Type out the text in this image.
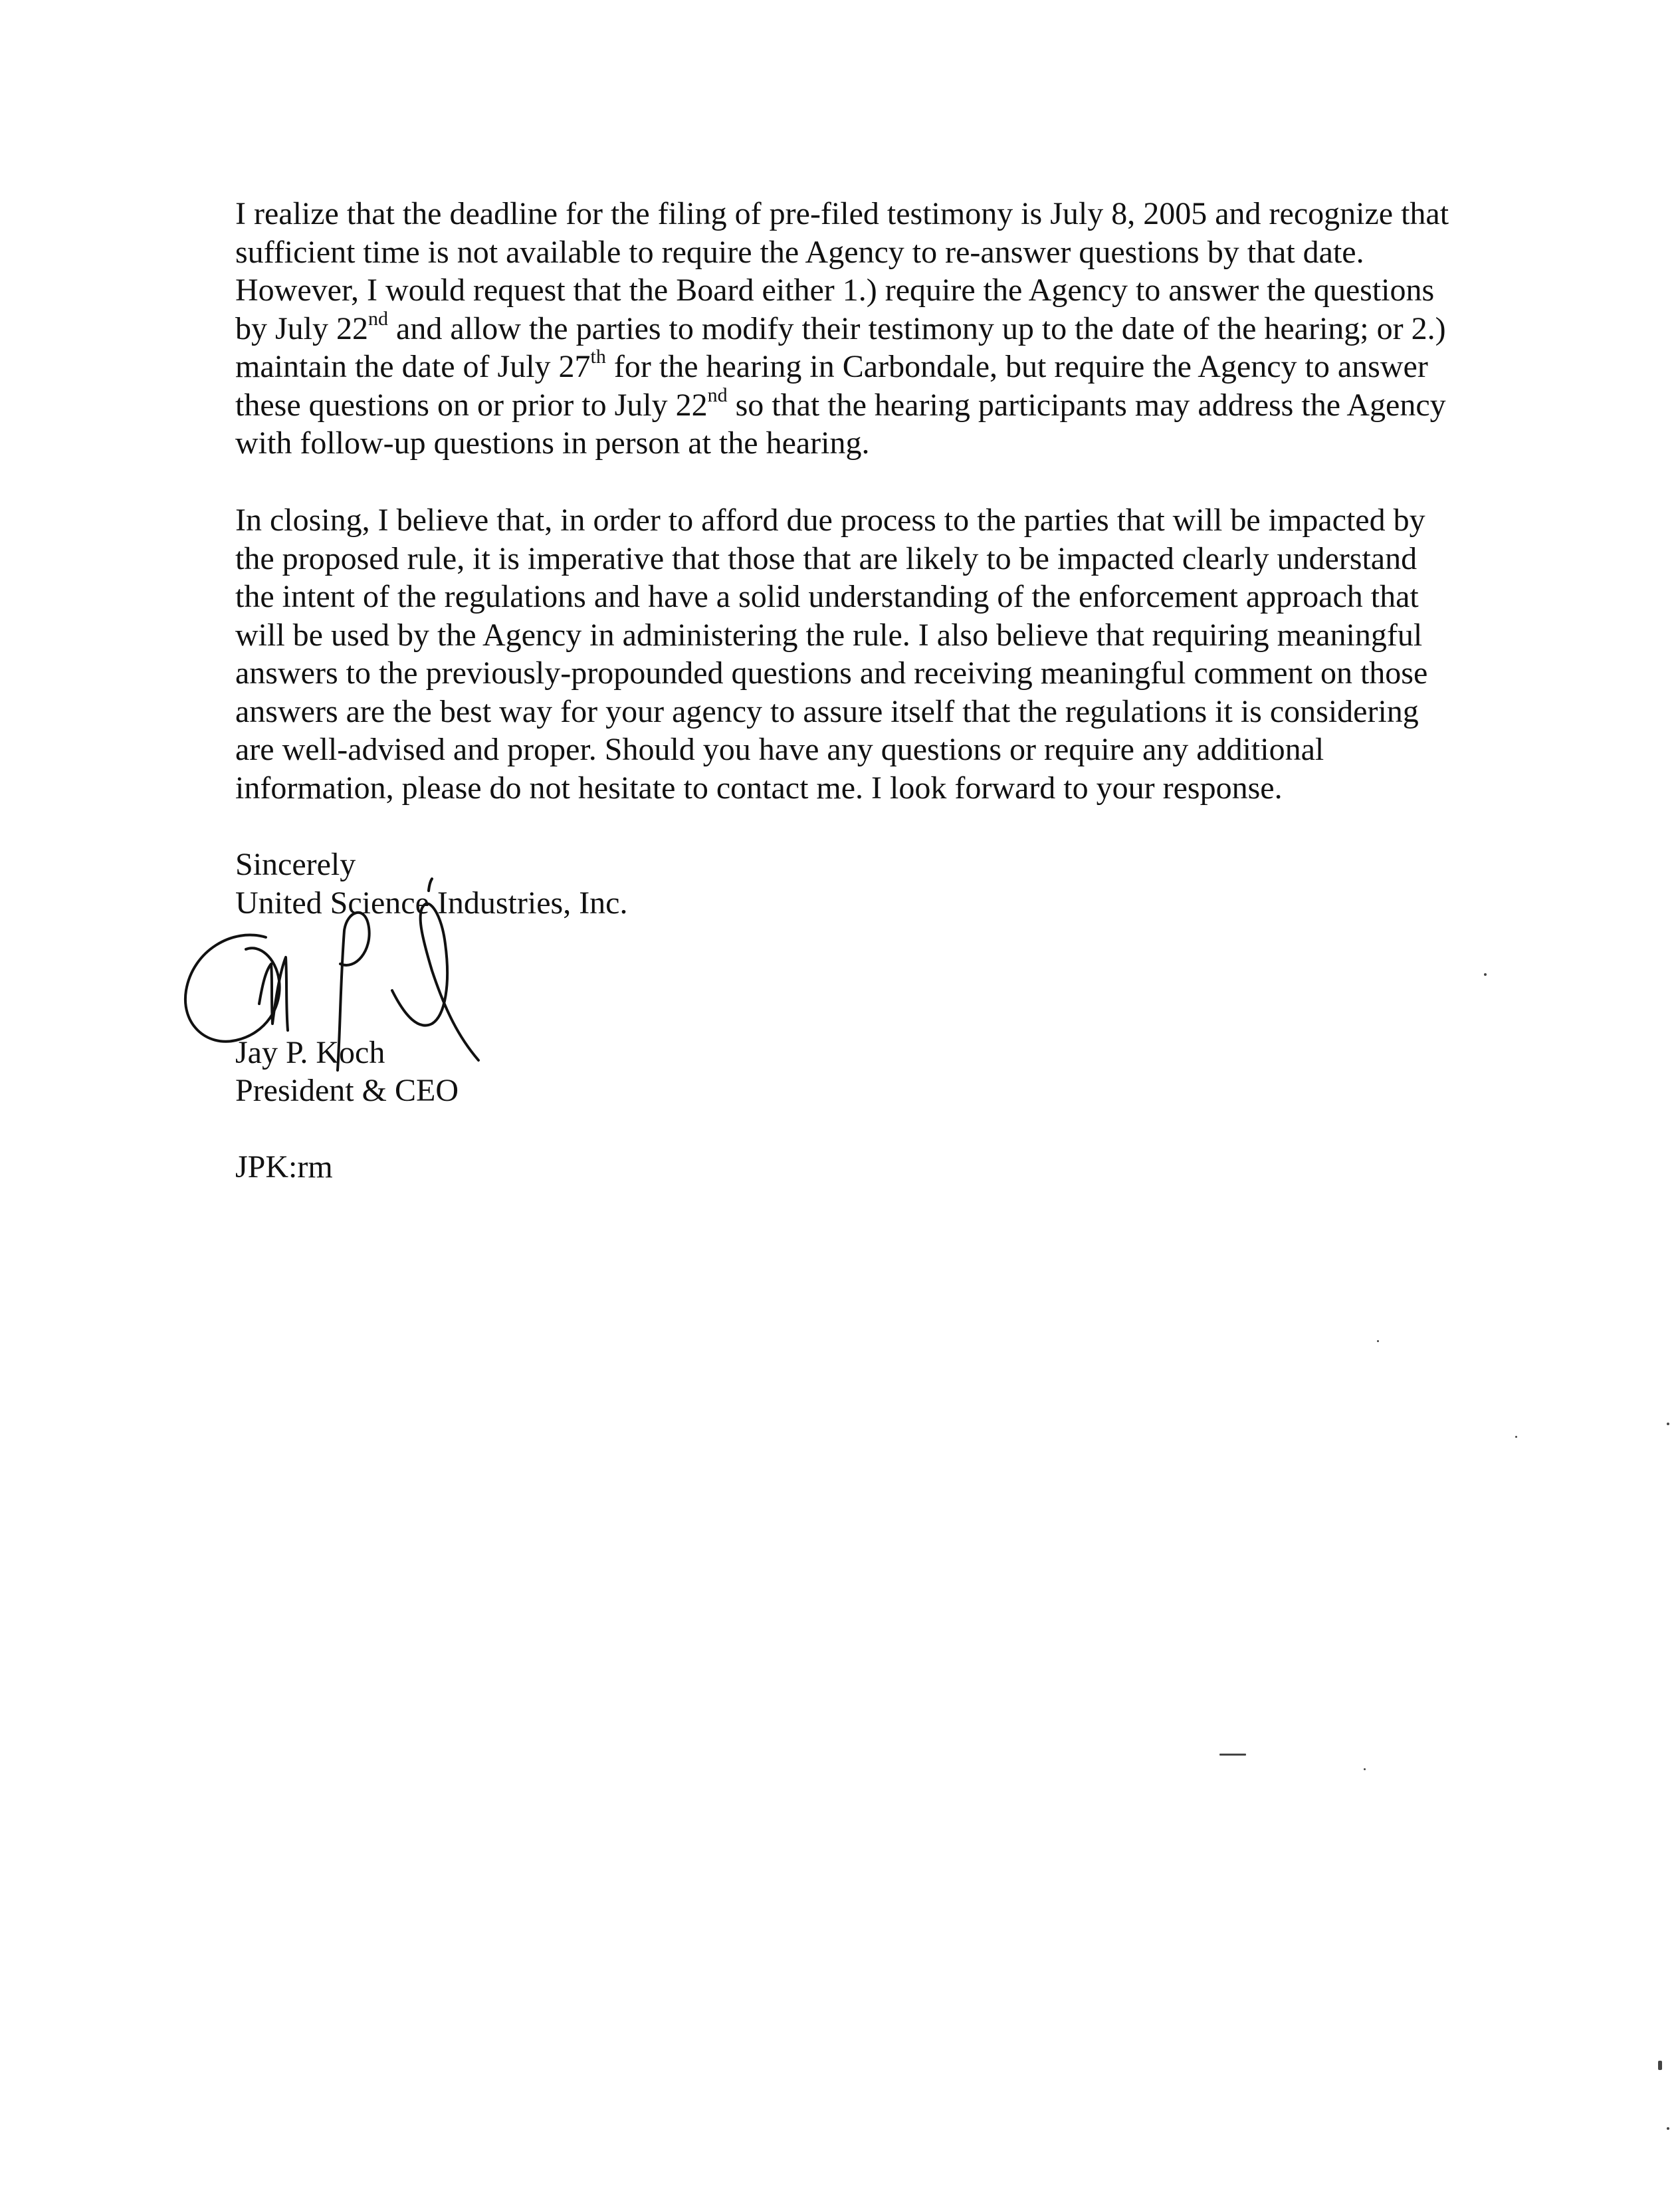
I realize that the deadline for the filing of pre-filed testimony is July 8, 2005 and recognize that
sufficient time is not available to require the Agency to re-answer questions by that date.
However, I would request that the Board either 1.) require the Agency to answer the questions
by July 22nd and allow the parties to modify their testimony up to the date of the hearing; or 2.)
maintain the date of July 27th for the hearing in Carbondale, but require the Agency to answer
these questions on or prior to July 22nd so that the hearing participants may address the Agency
with follow-up questions in person at the hearing.
In closing, I believe that, in order to afford due process to the parties that will be impacted by
the proposed rule, it is imperative that those that are likely to be impacted clearly understand
the intent of the regulations and have a solid understanding of the enforcement approach that
will be used by the Agency in administering the rule. I also believe that requiring meaningful
answers to the previously-propounded questions and receiving meaningful comment on those
answers are the best way for your agency to assure itself that the regulations it is considering
are well-advised and proper. Should you have any questions or require any additional
information, please do not hesitate to contact me. I look forward to your response.
Sincerely
United Science Industries, Inc.
Jay P. Koch
President & CEO
JPK:rm
